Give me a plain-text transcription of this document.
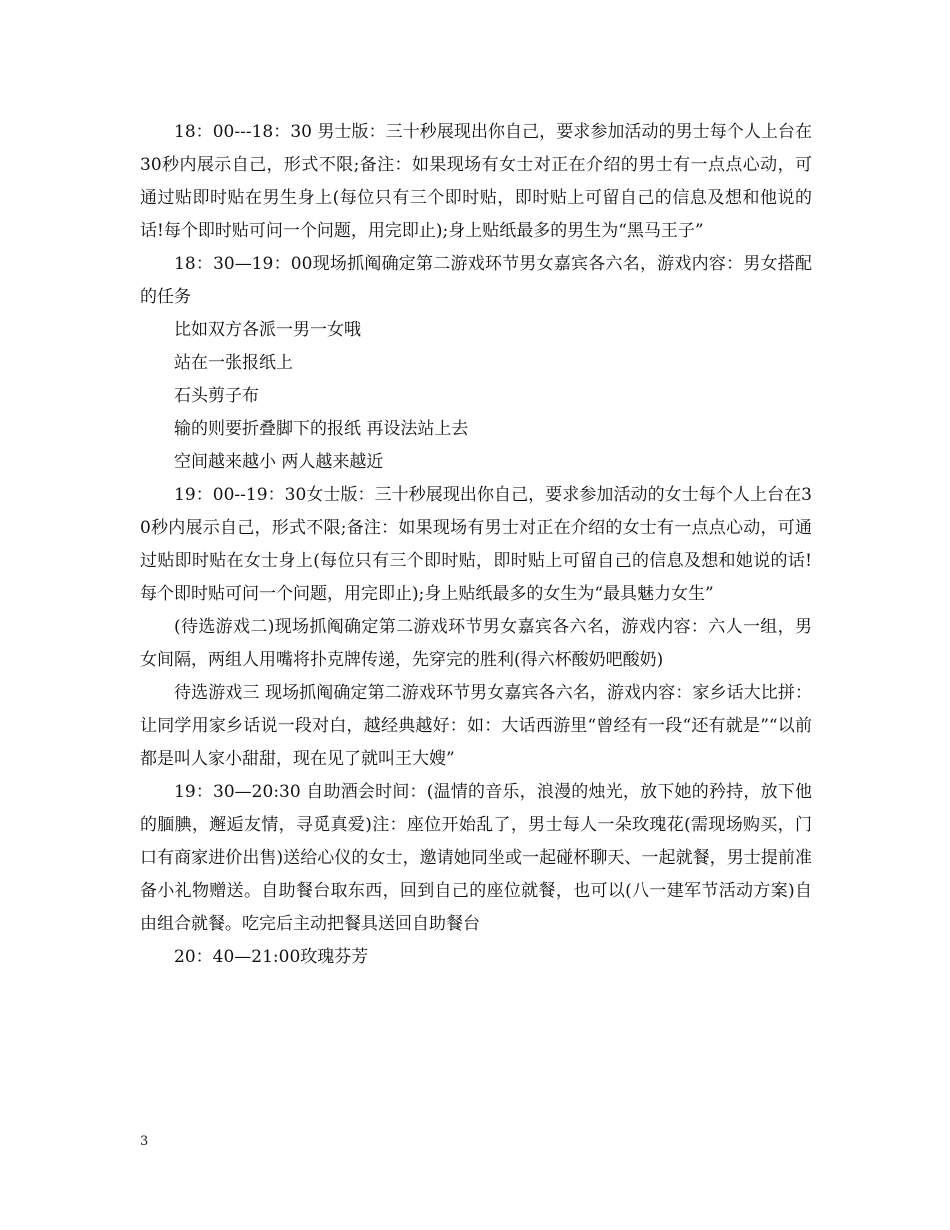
18：00---18：30 男士版：三十秒展现出你自己，要求参加活动的男士每个人上台在30秒内展示自己，形式不限;备注：如果现场有女士对正在介绍的男士有一点点心动，可通过贴即时贴在男生身上(每位只有三个即时贴，即时贴上可留自己的信息及想和他说的话!每个即时贴可问一个问题，用完即止);身上贴纸最多的男生为“黑马王子”

18：30—19：00现场抓阄确定第二游戏环节男女嘉宾各六名，游戏内容：男女搭配的任务

比如双方各派一男一女哦

站在一张报纸上

石头剪子布

输的则要折叠脚下的报纸 再设法站上去

空间越来越小 两人越来越近

19：00--19：30女士版：三十秒展现出你自己，要求参加活动的女士每个人上台在30秒内展示自己，形式不限;备注：如果现场有男士对正在介绍的女士有一点点心动，可通过贴即时贴在女士身上(每位只有三个即时贴，即时贴上可留自己的信息及想和她说的话!每个即时贴可问一个问题，用完即止);身上贴纸最多的女生为“最具魅力女生”

(待选游戏二)现场抓阄确定第二游戏环节男女嘉宾各六名，游戏内容：六人一组，男女间隔，两组人用嘴将扑克牌传递，先穿完的胜利(得六杯酸奶吧酸奶)

待选游戏三 现场抓阄确定第二游戏环节男女嘉宾各六名，游戏内容：家乡话大比拼：让同学用家乡话说一段对白，越经典越好：如：大话西游里“曾经有一段“还有就是”“以前都是叫人家小甜甜，现在见了就叫王大嫂”

19：30—20:30 自助酒会时间：(温情的音乐，浪漫的烛光，放下她的矜持，放下他的腼腆，邂逅友情，寻觅真爱)注：座位开始乱了，男士每人一朵玫瑰花(需现场购买，门口有商家进价出售)送给心仪的女士，邀请她同坐或一起碰杯聊天、一起就餐，男士提前准备小礼物赠送。自助餐台取东西，回到自己的座位就餐，也可以(八一建军节活动方案)自由组合就餐。吃完后主动把餐具送回自助餐台

20：40—21:00玫瑰芬芳

3
